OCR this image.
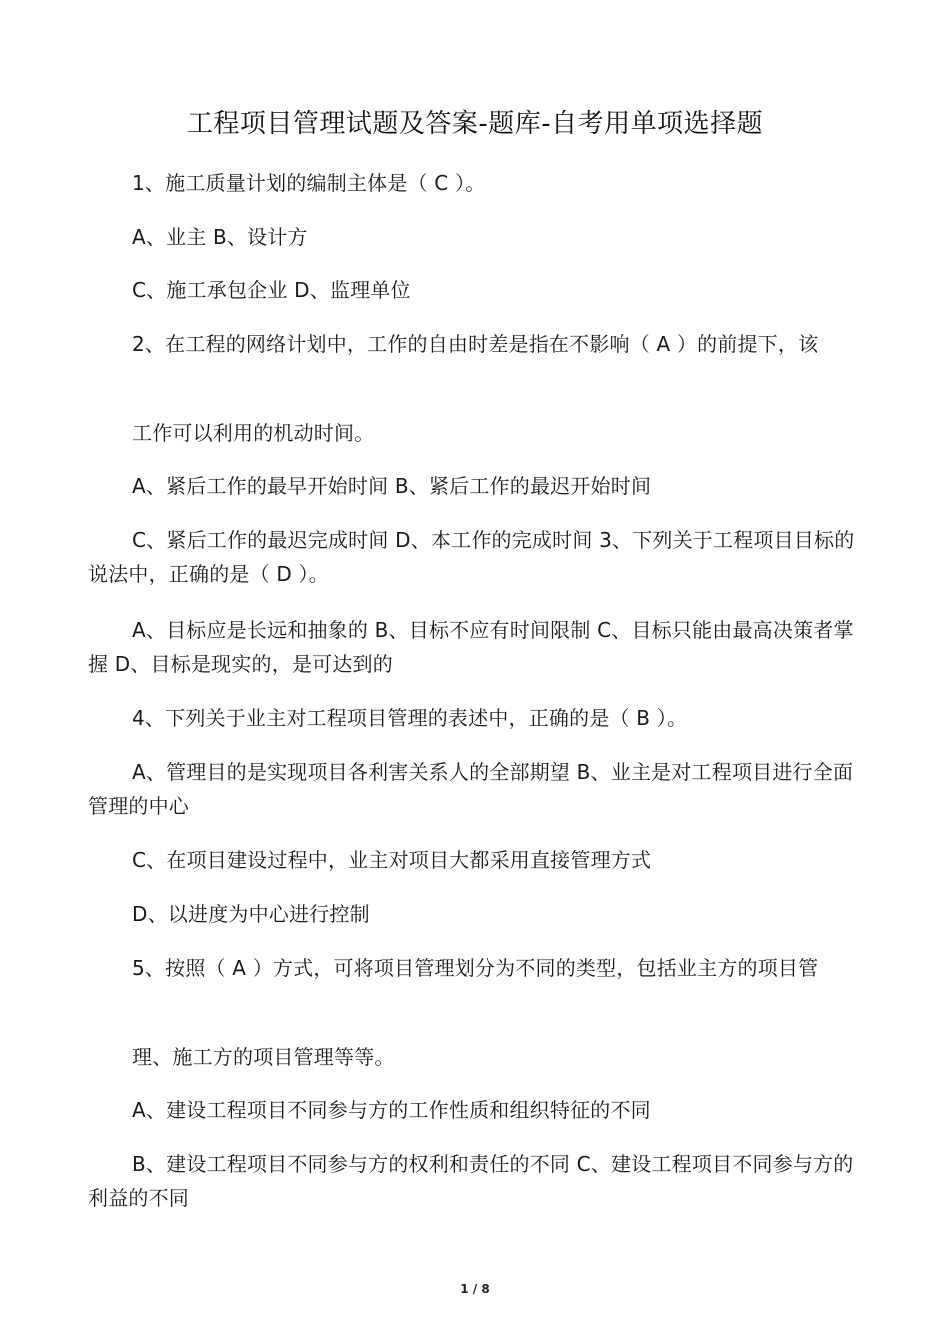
工程项目管理试题及答案-题库-自考用单项选择题
1、施工质量计划的编制主体是（ C ）。
A、业主 B、设计方
C、施工承包企业 D、监理单位
2、在工程的网络计划中，工作的自由时差是指在不影响（ A ）的前提下，该
工作可以利用的机动时间。
A、紧后工作的最早开始时间 B、紧后工作的最迟开始时间
C、紧后工作的最迟完成时间 D、本工作的完成时间 3、下列关于工程项目目标的说法中，正确的是（ D ）。
A、目标应是长远和抽象的 B、目标不应有时间限制 C、目标只能由最高决策者掌握 D、目标是现实的，是可达到的
4、下列关于业主对工程项目管理的表述中，正确的是（ B ）。
A、管理目的是实现项目各利害关系人的全部期望 B、业主是对工程项目进行全面管理的中心
C、在项目建设过程中，业主对项目大都采用直接管理方式
D、以进度为中心进行控制
5、按照（ A ）方式，可将项目管理划分为不同的类型，包括业主方的项目管
理、施工方的项目管理等等。
A、建设工程项目不同参与方的工作性质和组织特征的不同
B、建设工程项目不同参与方的权利和责任的不同 C、建设工程项目不同参与方的利益的不同
1 / 8
